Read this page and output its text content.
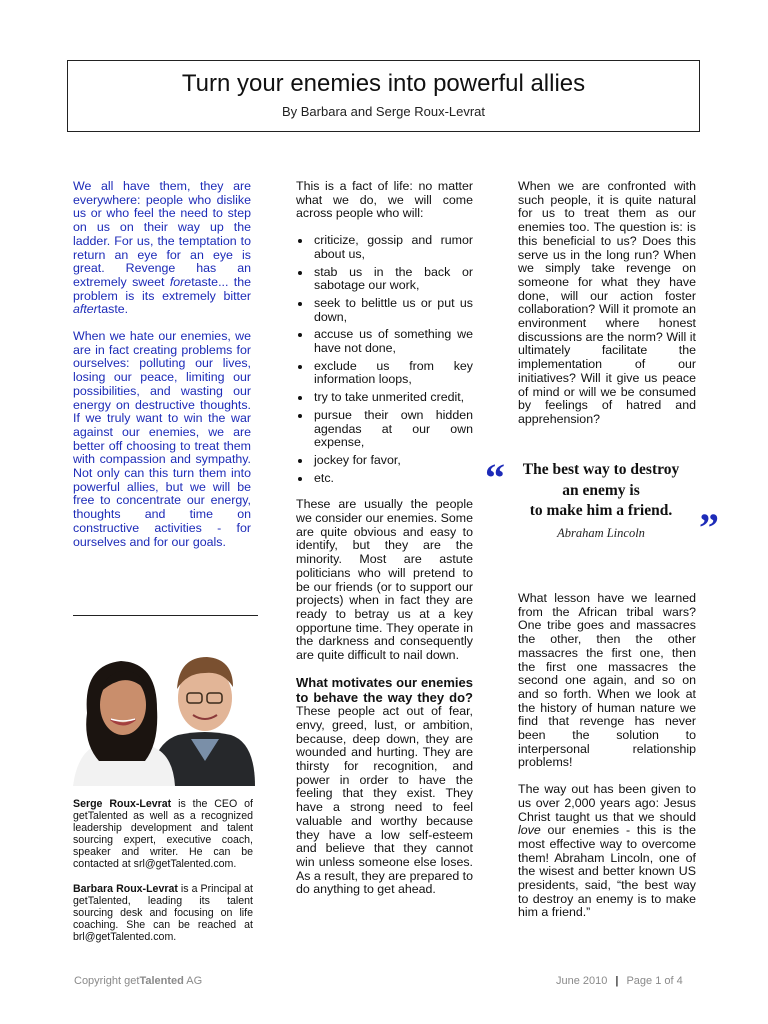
Turn your enemies into powerful allies
By Barbara and Serge Roux-Levrat

We all have them, they are everywhere: people who dislike us or who feel the need to step on us on their way up the ladder. For us, the temptation to return an eye for an eye is great. Revenge has an extremely sweet foretaste... the problem is its extremely bitter aftertaste.

When we hate our enemies, we are in fact creating problems for ourselves: polluting our lives, losing our peace, limiting our possibilities, and wasting our energy on destructive thoughts. If we truly want to win the war against our enemies, we are better off choosing to treat them with compassion and sympathy. Not only can this turn them into powerful allies, but we will be free to concentrate our energy, thoughts and time on constructive activities - for ourselves and for our goals.

Serge Roux-Levrat is the CEO of getTalented as well as a recognized leadership development and talent sourcing expert, executive coach, speaker and writer. He can be contacted at srl@getTalented.com.
Barbara Roux-Levrat is a Principal at getTalented, leading its talent sourcing desk and focusing on life coaching. She can be reached at brl@getTalented.com.

This is a fact of life: no matter what we do, we will come across people who will:

criticize, gossip and rumor about us,
stab us in the back or sabotage our work,
seek to belittle us or put us down,
accuse us of something we have not done,
exclude us from key information loops,
try to take unmerited credit,
pursue their own hidden agendas at our own expense,
jockey for favor,
etc.

These are usually the people we consider our enemies. Some are quite obvious and easy to identify, but they are the minority. Most are astute politicians who will pretend to be our friends (or to support our projects) when in fact they are ready to betray us at a key opportune time. They operate in the darkness and consequently are quite difficult to nail down.

What motivates our enemies to behave the way they do? These people act out of fear, envy, greed, lust, or ambition, because, deep down, they are wounded and hurting. They are thirsty for recognition, and power in order to have the feeling that they exist. They have a strong need to feel valuable and worthy because they have a low self-esteem and believe that they cannot win unless someone else loses. As a result, they are prepared to do anything to get ahead.

When we are confronted with such people, it is quite natural for us to treat them as our enemies too. The question is: is this beneficial to us? Does this serve us in the long run? When we simply take revenge on someone for what they have done, will our action foster collaboration? Will it promote an environment where honest discussions are the norm? Will it ultimately facilitate the implementation of our initiatives? Will it give us peace of mind or will we be consumed by feelings of hatred and apprehension?

“	The best way to destroy
an enemy is
to make him a friend. ”
Abraham Lincoln

What lesson have we learned from the African tribal wars? One tribe goes and massacres the other, then the other massacres the first one, then the first one massacres the second one again, and so on and so forth. When we look at the history of human nature we find that revenge has never been the solution to interpersonal relationship problems!

The way out has been given to us over 2,000 years ago: Jesus Christ taught us that we should love our enemies - this is the most effective way to overcome them! Abraham Lincoln, one of the wisest and better known US presidents, said, “the best way to destroy an enemy is to make him a friend.”

Copyright getTalented AG	June 2010 | Page 1 of 4
